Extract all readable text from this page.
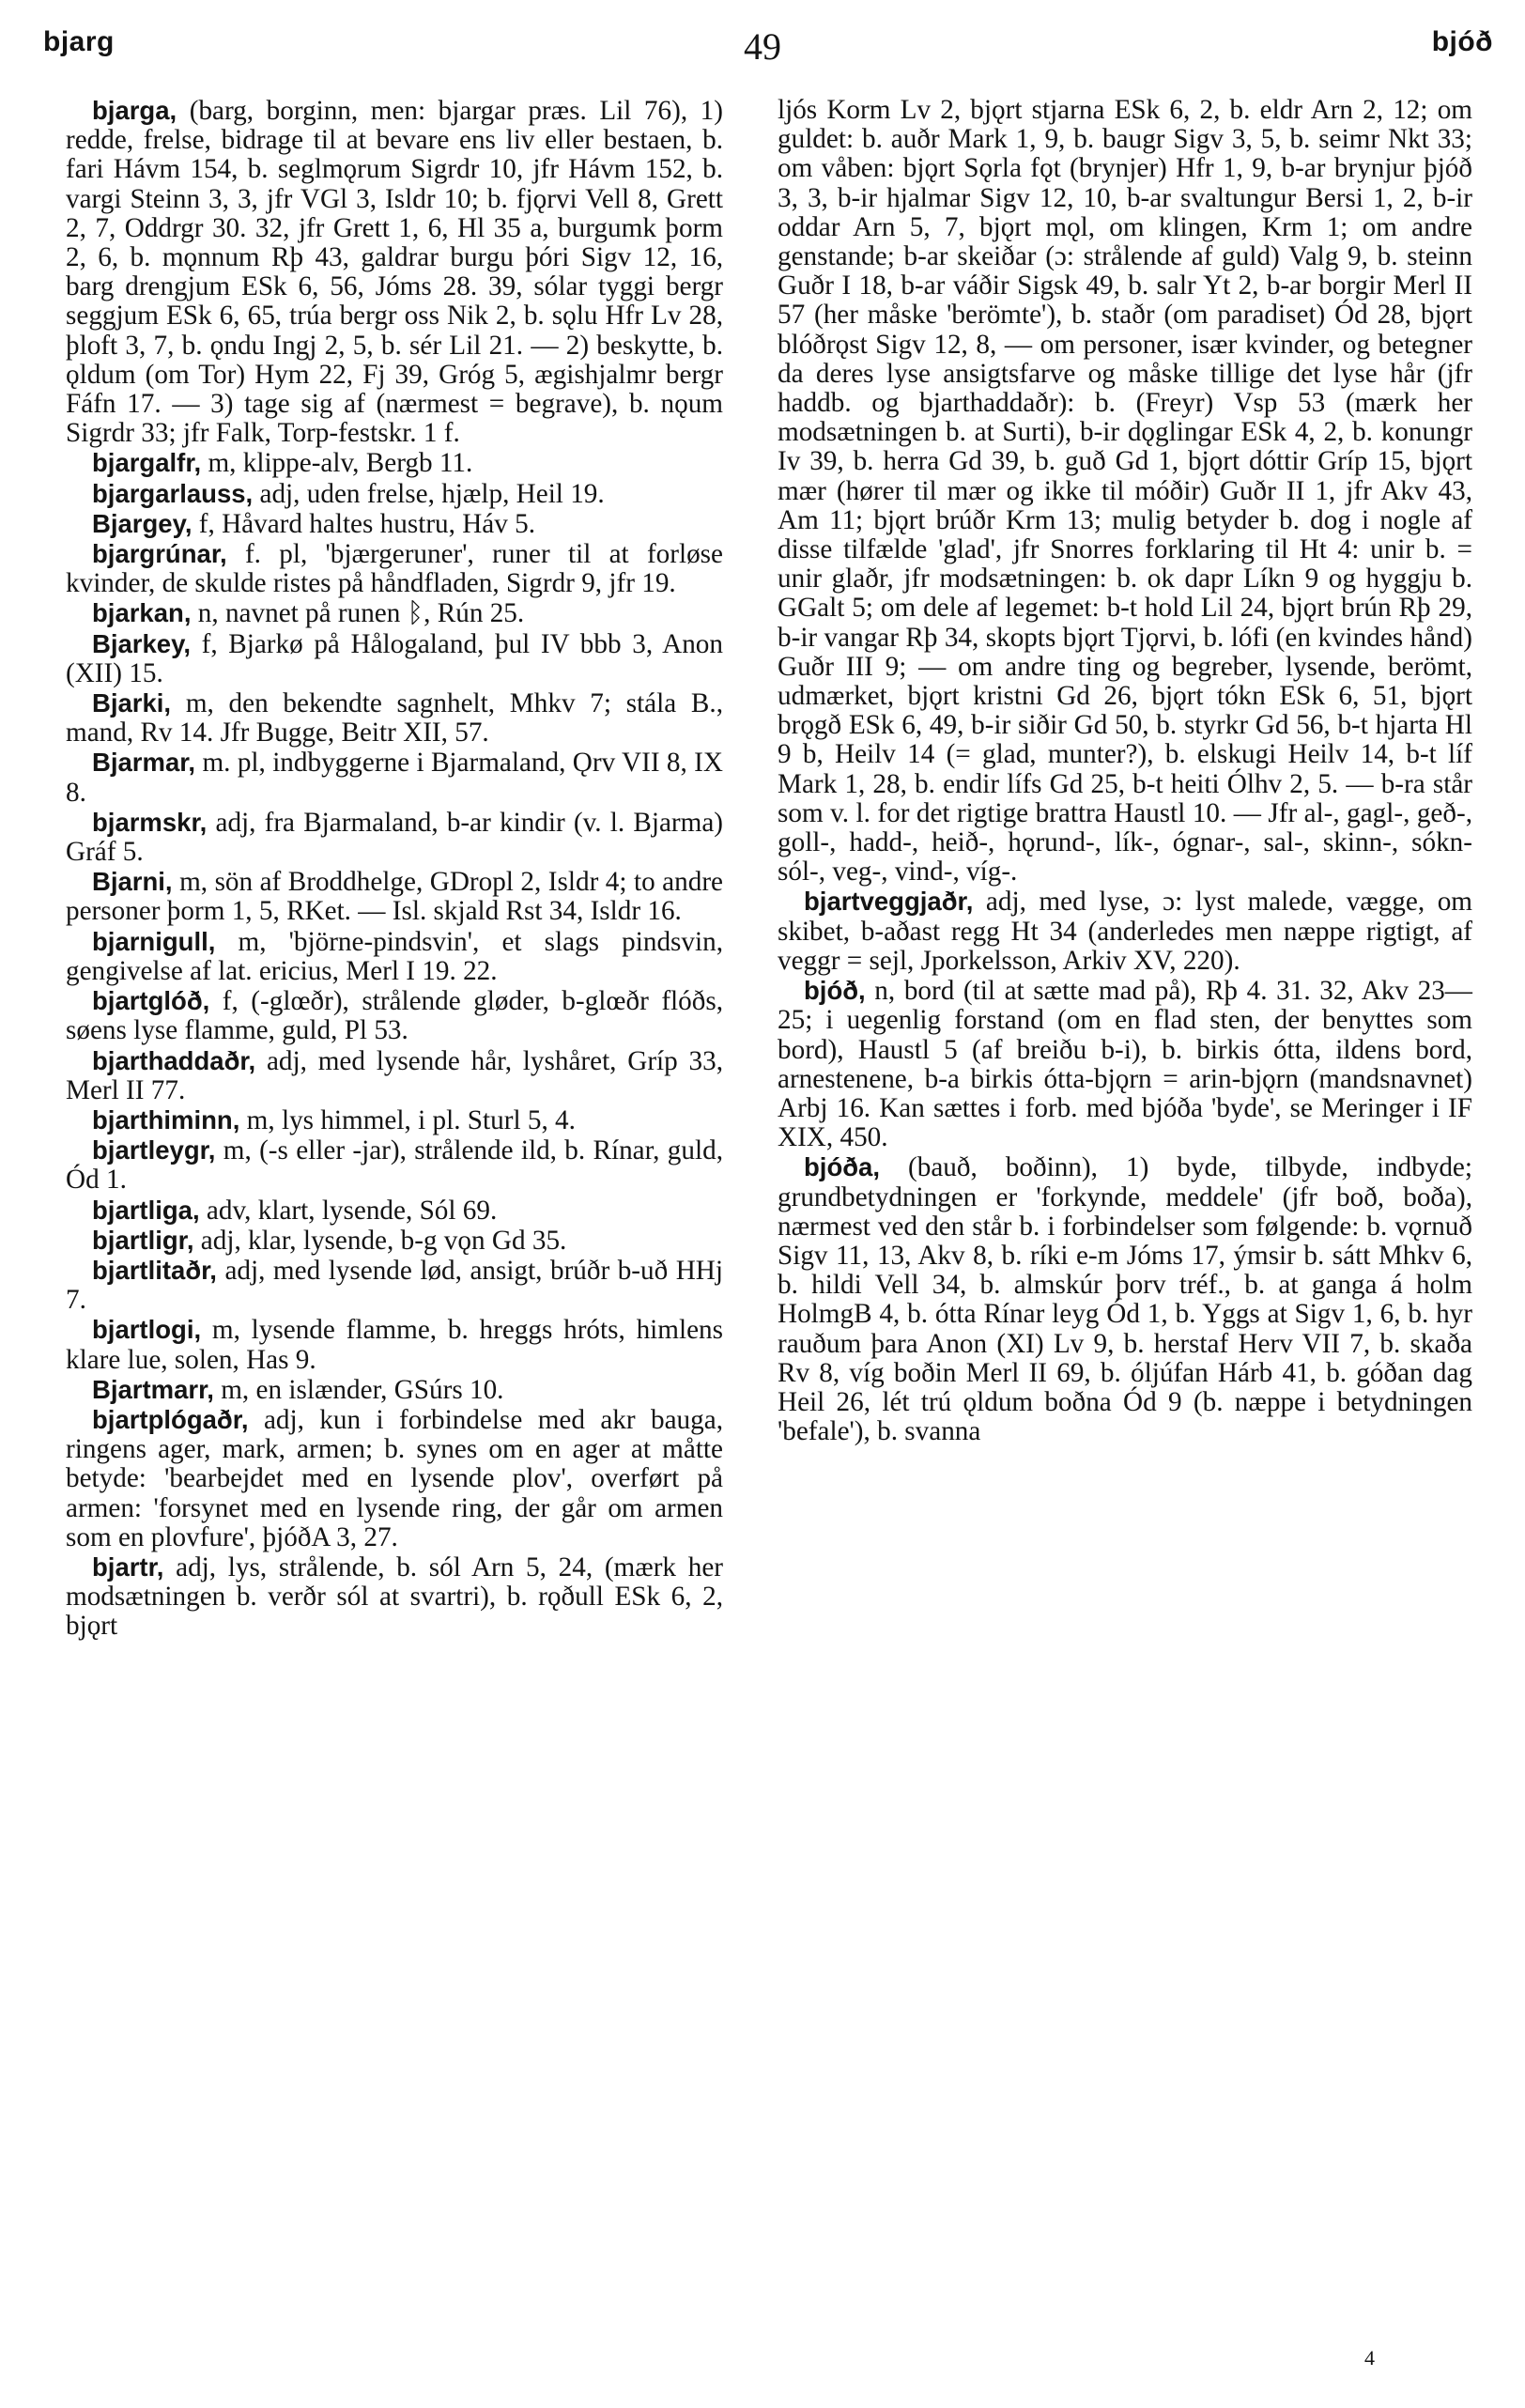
bjarg	49	bjóð

bjarga, (barg, borginn, men: bjargar præs. Lil 76), 1) redde, frelse, bidrage til at bevare ens liv eller bestaen, b. fari Hávm 154, b. seglmǫrum Sigrdr 10, jfr Hávm 152, b. vargi Steinn 3, 3, jfr VGl 3, Isldr 10; b. fjǫrvi Vell 8, Grett 2, 7, Oddrgr 30. 32, jfr Grett 1, 6, Hl 35 a, burgumk þorm 2, 6, b. mǫnnum Rþ 43, galdrar burgu þóri Sigv 12, 16, barg drengjum ESk 6, 56, Jóms 28. 39, sólar tyggi bergr seggjum ESk 6, 65, trúa bergr oss Nik 2, b. sǫlu Hfr Lv 28, þloft 3, 7, b. ǫndu Ingj 2, 5, b. sér Lil 21. — 2) beskytte, b. ǫldum (om Tor) Hym 22, Fj 39, Gróg 5, ægishjalmr bergr Fáfn 17. — 3) tage sig af (nærmest = begrave), b. nǫum Sigrdr 33; jfr Falk, Torp-festskr. 1 f.

bjargalfr, m, klippe-alv, Bergb 11.

bjargarlauss, adj, uden frelse, hjælp, Heil 19.

Bjargey, f, Håvard haltes hustru, Háv 5.

bjargrúnar, f. pl, 'bjærgeruner', runer til at forløse kvinder, de skulde ristes på håndfladen, Sigrdr 9, jfr 19.

bjarkan, n, navnet på runen ᛒ, Rún 25.

Bjarkey, f, Bjarkø på Hålogaland, þul IV bbb 3, Anon (XII) 15.

Bjarki, m, den bekendte sagnhelt, Mhkv 7; stála B., mand, Rv 14. Jfr Bugge, Beitr XII, 57.

Bjarmar, m. pl, indbyggerne i Bjarmaland, Ǫrv VII 8, IX 8.

bjarmskr, adj, fra Bjarmaland, b-ar kindir (v. l. Bjarma) Gráf 5.

Bjarni, m, sön af Broddhelge, GDropl 2, Isldr 4; to andre personer þorm 1, 5, RKet. — Isl. skjald Rst 34, Isldr 16.

bjarnigull, m, 'björne-pindsvin', et slags pindsvin, gengivelse af lat. ericius, Merl I 19. 22.

bjartglóð, f, (-glœðr), strålende gløder, b-glœðr flóðs, søens lyse flamme, guld, Pl 53.

bjarthaddaðr, adj, med lysende hår, lyshåret, Gríp 33, Merl II 77.

bjarthiminn, m, lys himmel, i pl. Sturl 5, 4.

bjartleygr, m, (-s eller -jar), strålende ild, b. Rínar, guld, Ód 1.

bjartliga, adv, klart, lysende, Sól 69.

bjartligr, adj, klar, lysende, b-g vǫn Gd 35.

bjartlitaðr, adj, med lysende lød, ansigt, brúðr b-uð HHj 7.

bjartlogi, m, lysende flamme, b. hreggs hróts, himlens klare lue, solen, Has 9.

Bjartmarr, m, en islænder, GSúrs 10.

bjartplógaðr, adj, kun i forbindelse med akr bauga, ringens ager, mark, armen; b. synes om en ager at måtte betyde: 'bearbejdet med en lysende plov', overført på armen: 'forsynet med en lysende ring, der går om armen som en plovfure', þjóðA 3, 27.

bjartr, adj, lys, strålende, b. sól Arn 5, 24, (mærk her modsætningen b. verðr sól at svartri), b. rǫðull ESk 6, 2, bjǫrt

ljós Korm Lv 2, bjǫrt stjarna ESk 6, 2, b. eldr Arn 2, 12; om guldet: b. auðr Mark 1, 9, b. baugr Sigv 3, 5, b. seimr Nkt 33; om våben: bjǫrt Sǫrla fǫt (brynjer) Hfr 1, 9, b-ar brynjur þjóð 3, 3, b-ir hjalmar Sigv 12, 10, b-ar svaltungur Bersi 1, 2, b-ir oddar Arn 5, 7, bjǫrt mǫl, om klingen, Krm 1; om andre genstande; b-ar skeiðar (ɔ: strålende af guld) Valg 9, b. steinn Guðr I 18, b-ar váðir Sigsk 49, b. salr Yt 2, b-ar borgir Merl II 57 (her måske 'berömte'), b. staðr (om paradiset) Ód 28, bjǫrt blóðrǫst Sigv 12, 8, — om personer, især kvinder, og betegner da deres lyse ansigtsfarve og måske tillige det lyse hår (jfr haddb. og bjarthaddaðr): b. (Freyr) Vsp 53 (mærk her modsætningen b. at Surti), b-ir dǫglingar ESk 4, 2, b. konungr Iv 39, b. herra Gd 39, b. guð Gd 1, bjǫrt dóttir Gríp 15, bjǫrt mær (hører til mær og ikke til móðir) Guðr II 1, jfr Akv 43, Am 11; bjǫrt brúðr Krm 13; mulig betyder b. dog i nogle af disse tilfælde 'glad', jfr Snorres forklaring til Ht 4: unir b. = unir glaðr, jfr modsætningen: b. ok dapr Líkn 9 og hyggju b. GGalt 5; om dele af legemet: b-t hold Lil 24, bjǫrt brún Rþ 29, b-ir vangar Rþ 34, skopts bjǫrt Tjǫrvi, b. lófi (en kvindes hånd) Guðr III 9; — om andre ting og begreber, lysende, berömt, udmærket, bjǫrt kristni Gd 26, bjǫrt tókn ESk 6, 51, bjǫrt brǫgð ESk 6, 49, b-ir siðir Gd 50, b. styrkr Gd 56, b-t hjarta Hl 9 b, Heilv 14 (= glad, munter?), b. elskugi Heilv 14, b-t líf Mark 1, 28, b. endir lífs Gd 25, b-t heiti Ólhv 2, 5. — b-ra står som v. l. for det rigtige brattra Haustl 10. — Jfr al-, gagl-, geð-, goll-, hadd-, heið-, hǫrund-, lík-, ógnar-, sal-, skinn-, sókn- sól-, veg-, vind-, víg-.

bjartveggjaðr, adj, med lyse, ɔ: lyst malede, vægge, om skibet, b-aðast regg Ht 34 (anderledes men næppe rigtigt, af veggr = sejl, Jporkelsson, Arkiv XV, 220).

bjóð, n, bord (til at sætte mad på), Rþ 4. 31. 32, Akv 23—25; i uegenlig forstand (om en flad sten, der benyttes som bord), Haustl 5 (af breiðu b-i), b. birkis ótta, ildens bord, arnestenene, b-a birkis ótta-bjǫrn = arin-bjǫrn (mandsnavnet) Arbj 16. Kan sættes i forb. med bjóða 'byde', se Meringer i IF XIX, 450.

bjóða, (bauð, boðinn), 1) byde, tilbyde, indbyde; grundbetydningen er 'forkynde, meddele' (jfr boð, boða), nærmest ved den står b. i forbindelser som følgende: b. vǫrnuð Sigv 11, 13, Akv 8, b. ríki e-m Jóms 17, ýmsir b. sátt Mhkv 6, b. hildi Vell 34, b. almskúr þorv tréf., b. at ganga á holm HolmgB 4, b. ótta Rínar leyg Ód 1, b. Yggs at Sigv 1, 6, b. hyr rauðum þara Anon (XI) Lv 9, b. herstaf Herv VII 7, b. skaða Rv 8, víg boðin Merl II 69, b. óljúfan Hárb 41, b. góðan dag Heil 26, lét trú ǫldum boðna Ód 9 (b. næppe i betydningen 'befale'), b. svanna

4
